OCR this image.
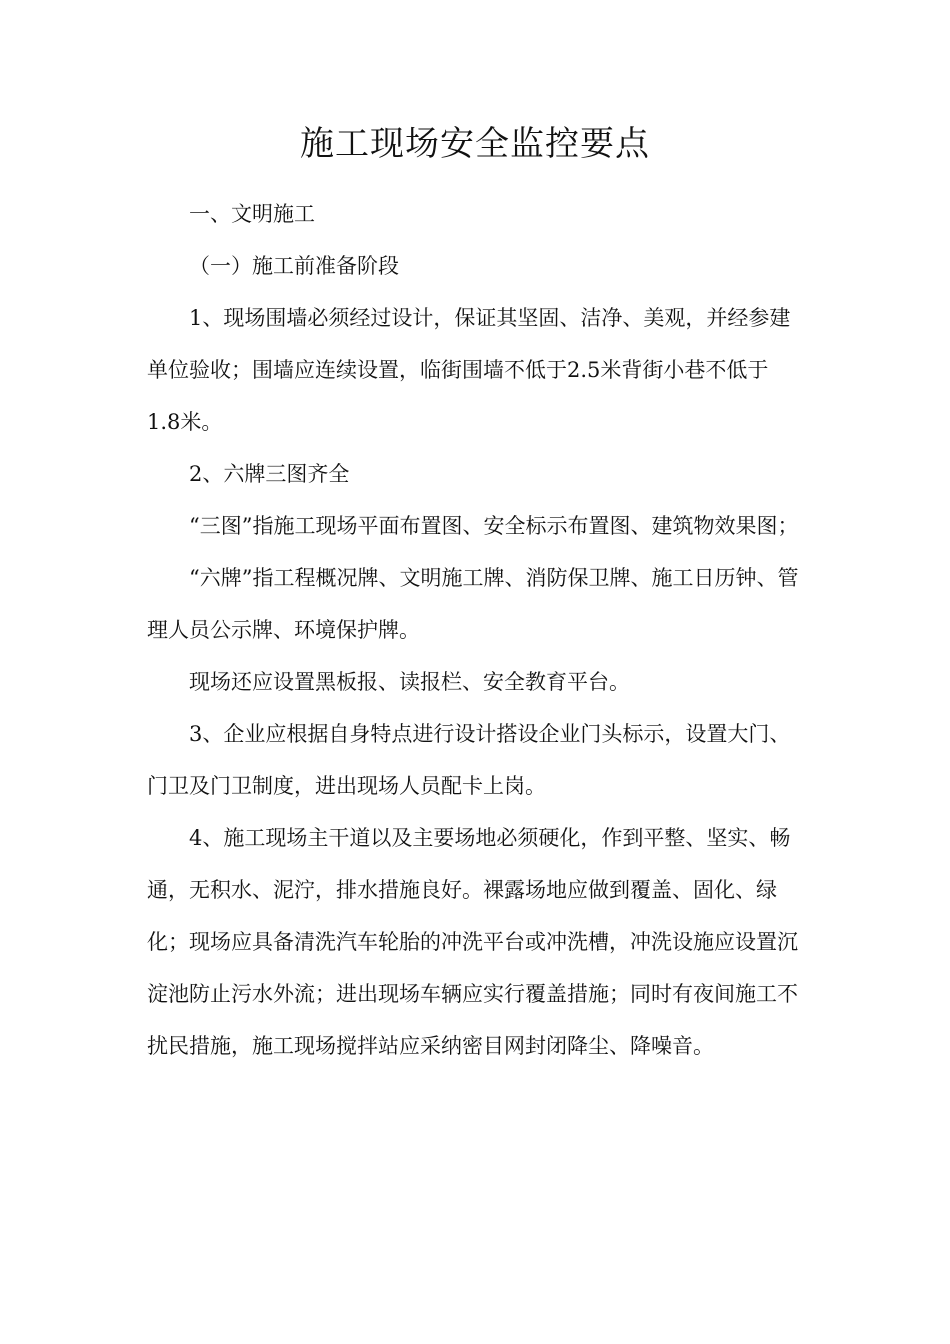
施工现场安全监控要点

一、文明施工

（一）施工前准备阶段

1、现场围墙必须经过设计，保证其坚固、洁净、美观，并经参建单位验收；围墙应连续设置，临街围墙不低于2.5米背街小巷不低于1.8米。

2、六牌三图齐全

“三图”指施工现场平面布置图、安全标示布置图、建筑物效果图；

“六牌”指工程概况牌、文明施工牌、消防保卫牌、施工日历钟、管理人员公示牌、环境保护牌。

现场还应设置黑板报、读报栏、安全教育平台。

3、企业应根据自身特点进行设计搭设企业门头标示，设置大门、门卫及门卫制度，进出现场人员配卡上岗。

4、施工现场主干道以及主要场地必须硬化，作到平整、坚实、畅通，无积水、泥泞，排水措施良好。裸露场地应做到覆盖、固化、绿化；现场应具备清洗汽车轮胎的冲洗平台或冲洗槽，冲洗设施应设置沉淀池防止污水外流；进出现场车辆应实行覆盖措施；同时有夜间施工不扰民措施，施工现场搅拌站应采纳密目网封闭降尘、降噪音。
